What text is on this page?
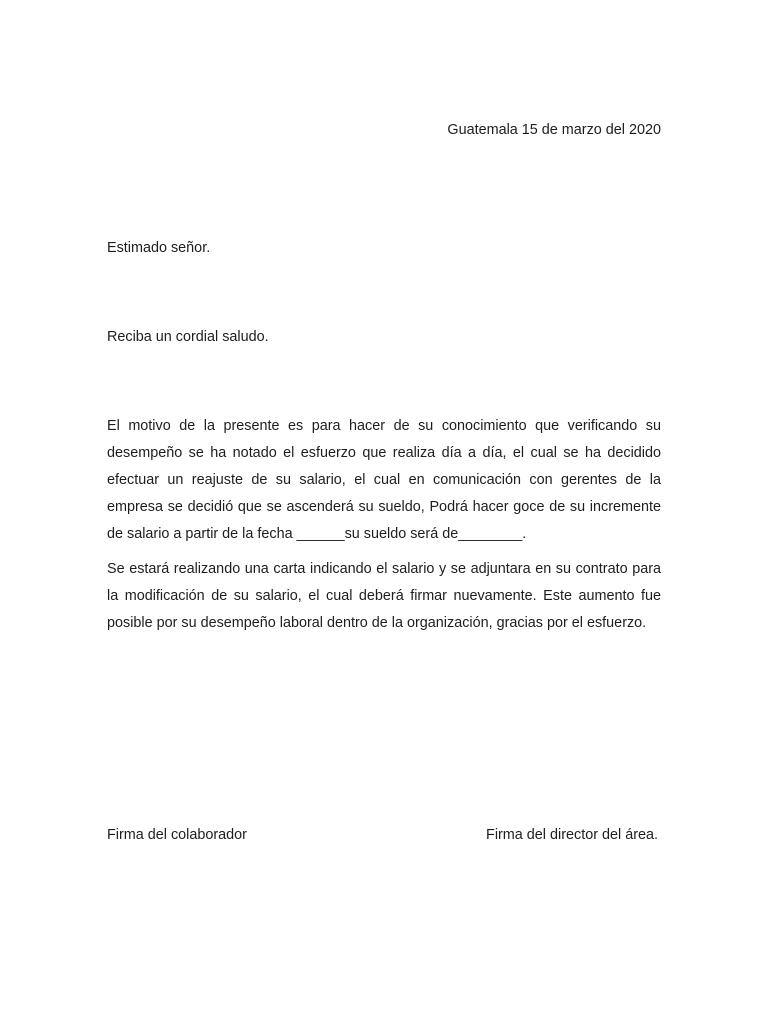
Guatemala 15 de marzo del 2020
Estimado señor.
Reciba un cordial saludo.

El motivo de la presente es para hacer de su conocimiento que verificando su desempeño se ha notado el esfuerzo que realiza día a día, el cual se ha decidido efectuar un reajuste de su salario, el cual en comunicación con gerentes de la empresa se decidió que se ascenderá su sueldo, Podrá hacer goce de su incremente de salario a partir de la fecha ______su sueldo será de________.

Se estará realizando una carta indicando el salario y se adjuntara en su contrato para la modificación de su salario, el cual deberá firmar nuevamente. Este aumento fue posible por su desempeño laboral dentro de la organización, gracias por el esfuerzo.

Firma del colaborador	Firma del director del área.
